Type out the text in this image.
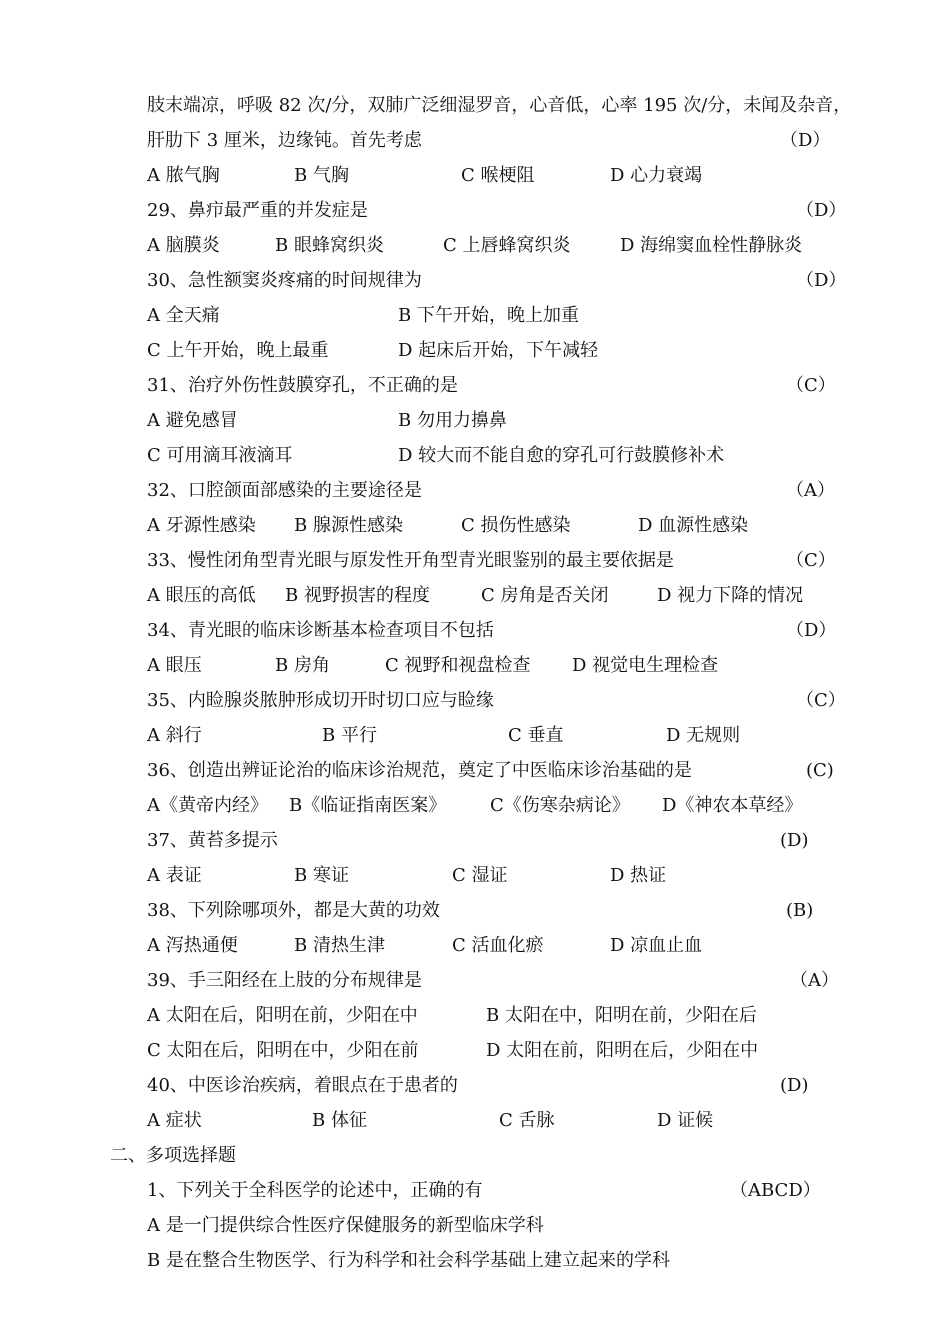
肢末端凉，呼吸 82 次/分，双肺广泛细湿罗音，心音低，心率 195 次/分，未闻及杂音，
肝肋下 3 厘米，边缘钝。首先考虑	（D）
A 脓气胸	B 气胸	C 喉梗阻	D 心力衰竭
29、鼻疖最严重的并发症是	（D）
A 脑膜炎	B 眼蜂窝织炎	C 上唇蜂窝织炎	D 海绵窦血栓性静脉炎
30、急性额窦炎疼痛的时间规律为	（D）
A 全天痛	B 下午开始，晚上加重
C 上午开始，晚上最重	D 起床后开始，下午减轻
31、治疗外伤性鼓膜穿孔，不正确的是	（C）
A 避免感冒	B 勿用力擤鼻
C 可用滴耳液滴耳	D 较大而不能自愈的穿孔可行鼓膜修补术
32、口腔颌面部感染的主要途径是	（A）
A 牙源性感染 B 腺源性感染	C 损伤性感染	D 血源性感染
33、慢性闭角型青光眼与原发性开角型青光眼鉴别的最主要依据是	（C）
A 眼压的高低 B 视野损害的程度	C 房角是否关闭	D 视力下降的情况
34、青光眼的临床诊断基本检查项目不包括	（D）
A 眼压	B 房角	C 视野和视盘检查 D 视觉电生理检查
35、内睑腺炎脓肿形成切开时切口应与睑缘	（C）
A 斜行	B 平行	C 垂直	D 无规则
36、创造出辨证论治的临床诊治规范，奠定了中医临床诊治基础的是	(C)
A《黄帝内经》 B《临证指南医案》 C《伤寒杂病论》 D《神农本草经》
37、黄苔多提示	(D)
A 表证	B 寒证	C 湿证	D 热证
38、下列除哪项外，都是大黄的功效	(B)
A 泻热通便	B 清热生津	C 活血化瘀	D 凉血止血
39、手三阳经在上肢的分布规律是	（A）
A 太阳在后，阳明在前，少阳在中	B 太阳在中，阳明在前，少阳在后
C 太阳在后，阳明在中，少阳在前	D 太阳在前，阳明在后，少阳在中
40、中医诊治疾病，着眼点在于患者的	(D)
A 症状	B 体征	C 舌脉	D 证候
二、多项选择题
1、下列关于全科医学的论述中，正确的有	（ABCD）
A 是一门提供综合性医疗保健服务的新型临床学科
B 是在整合生物医学、行为科学和社会科学基础上建立起来的学科
